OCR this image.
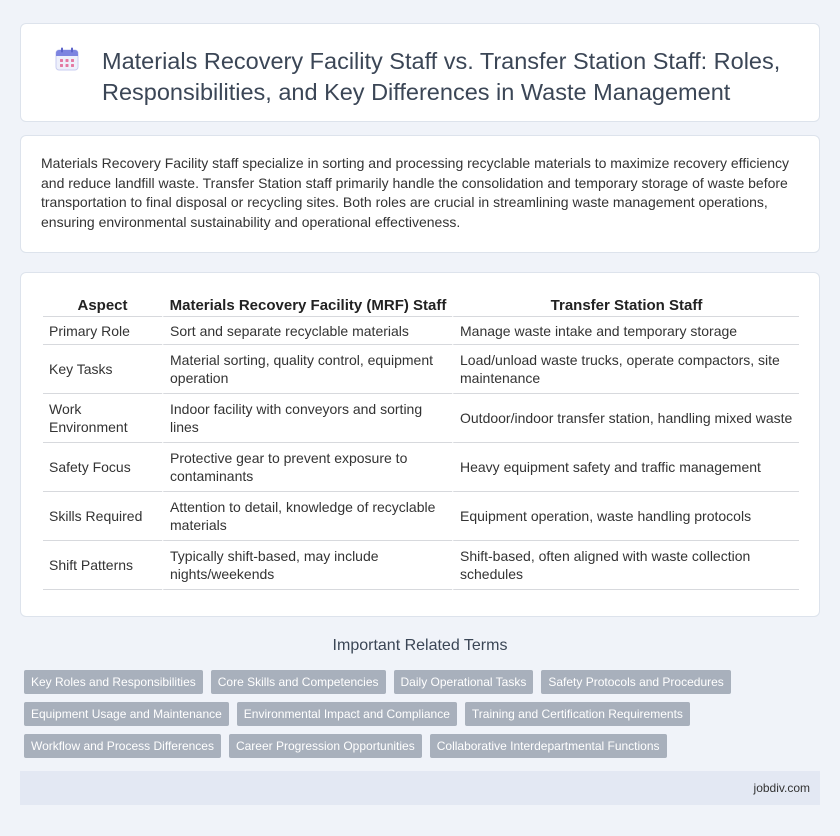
Materials Recovery Facility Staff vs. Transfer Station Staff: Roles, Responsibilities, and Key Differences in Waste Management

Materials Recovery Facility staff specialize in sorting and processing recyclable materials to maximize recovery efficiency and reduce landfill waste. Transfer Station staff primarily handle the consolidation and temporary storage of waste before transportation to final disposal or recycling sites. Both roles are crucial in streamlining waste management operations, ensuring environmental sustainability and operational effectiveness.

Aspect	Materials Recovery Facility (MRF) Staff	Transfer Station Staff
Primary Role	Sort and separate recyclable materials	Manage waste intake and temporary storage
Key Tasks	Material sorting, quality control, equipment operation	Load/unload waste trucks, operate compactors, site maintenance
Work Environment	Indoor facility with conveyors and sorting lines	Outdoor/indoor transfer station, handling mixed waste
Safety Focus	Protective gear to prevent exposure to contaminants	Heavy equipment safety and traffic management
Skills Required	Attention to detail, knowledge of recyclable materials	Equipment operation, waste handling protocols
Shift Patterns	Typically shift-based, may include nights/weekends	Shift-based, often aligned with waste collection schedules
Important Related Terms
Key Roles and Responsibilities	Core Skills and Competencies	Daily Operational Tasks	Safety Protocols and Procedures
Equipment Usage and Maintenance	Environmental Impact and Compliance	Training and Certification Requirements
Workflow and Process Differences	Career Progression Opportunities	Collaborative Interdepartmental Functions
jobdiv.com
